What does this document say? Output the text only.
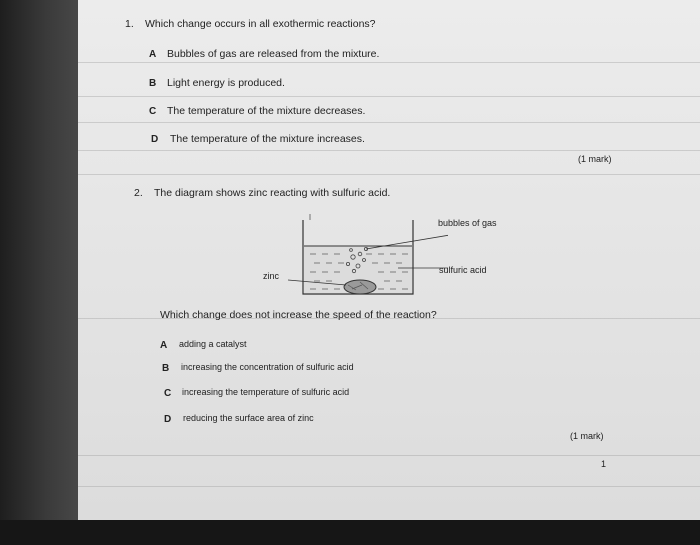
1. Which change occurs in all exothermic reactions?
A Bubbles of gas are released from the mixture.
B Light energy is produced.
C The temperature of the mixture decreases.
D The temperature of the mixture increases.
(1 mark)
2. The diagram shows zinc reacting with sulfuric acid.
bubbles of gas
sulfuric acid
zinc
Which change does not increase the speed of the reaction?
A adding a catalyst
B increasing the concentration of sulfuric acid
C increasing the temperature of sulfuric acid
D reducing the surface area of zinc
(1 mark)
1
